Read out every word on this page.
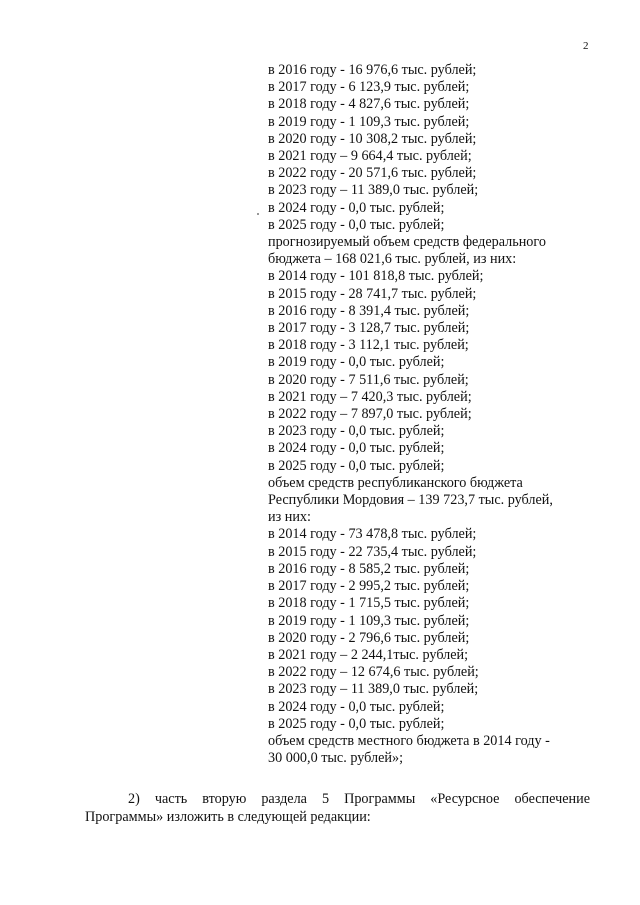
2
в 2016 году - 16 976,6 тыс. рублей;
в 2017 году - 6 123,9 тыс. рублей;
в 2018 году - 4 827,6 тыс. рублей;
в 2019 году - 1 109,3 тыс. рублей;
в 2020 году - 10 308,2 тыс. рублей;
в 2021 году – 9 664,4 тыс. рублей;
в 2022 году - 20 571,6 тыс. рублей;
в 2023 году – 11 389,0 тыс. рублей;
в 2024 году - 0,0 тыс. рублей;
в 2025 году - 0,0 тыс. рублей;
прогнозируемый объем средств федерального
бюджета – 168 021,6 тыс. рублей, из них:
в 2014 году - 101 818,8 тыс. рублей;
в 2015 году - 28 741,7 тыс. рублей;
в 2016 году - 8 391,4 тыс. рублей;
в 2017 году - 3 128,7 тыс. рублей;
в 2018 году - 3 112,1 тыс. рублей;
в 2019 году - 0,0 тыс. рублей;
в 2020 году - 7 511,6 тыс. рублей;
в 2021 году – 7 420,3 тыс. рублей;
в 2022 году – 7 897,0 тыс. рублей;
в 2023 году - 0,0 тыс. рублей;
в 2024 году - 0,0 тыс. рублей;
в 2025 году - 0,0 тыс. рублей;
объем средств республиканского бюджета
Республики Мордовия – 139 723,7 тыс. рублей,
из них:
в 2014 году - 73 478,8 тыс. рублей;
в 2015 году - 22 735,4 тыс. рублей;
в 2016 году - 8 585,2 тыс. рублей;
в 2017 году - 2 995,2 тыс. рублей;
в 2018 году - 1 715,5 тыс. рублей;
в 2019 году - 1 109,3 тыс. рублей;
в 2020 году - 2 796,6 тыс. рублей;
в 2021 году – 2 244,1тыс. рублей;
в 2022 году – 12 674,6 тыс. рублей;
в 2023 году – 11 389,0 тыс. рублей;
в 2024 году - 0,0 тыс. рублей;
в 2025 году - 0,0 тыс. рублей;
объем средств местного бюджета в 2014 году -
30 000,0 тыс. рублей»;
2) часть вторую раздела 5 Программы «Ресурсное обеспечение
Программы» изложить в следующей редакции:
